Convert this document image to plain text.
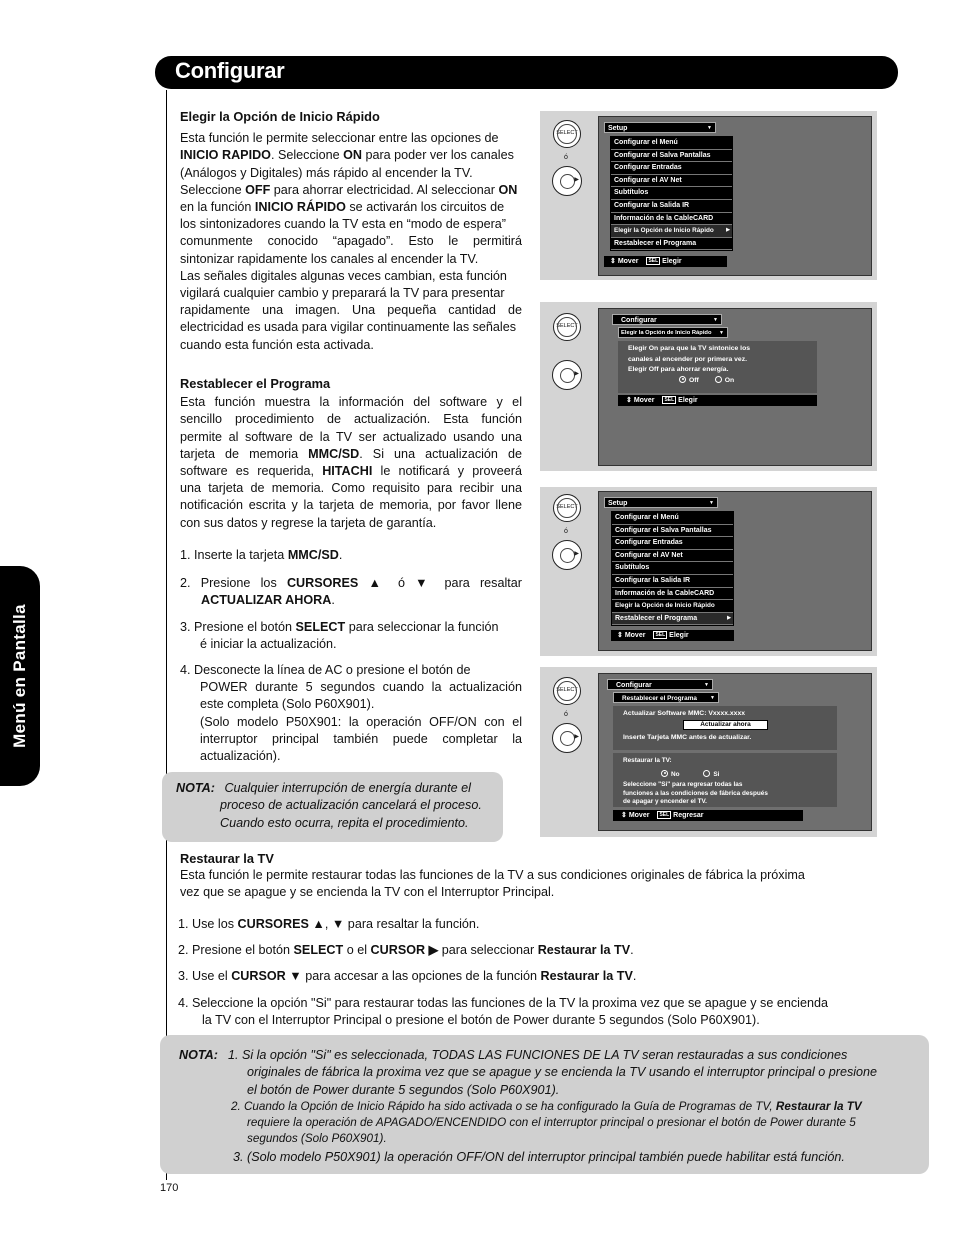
Configurar
Menú en Pantalla
Elegir la Opción de Inicio Rápido
Esta función le permite seleccionar entre las opciones de
INICIO RAPIDO. Seleccione ON para poder ver los canales
(Análogos y Digitales) más rápido al encender la TV.
Seleccione OFF para ahorrar electricidad. Al seleccionar ON
en la función INICIO RÁPIDO se activarán los circuitos de
los sintonizadores cuando la TV esta en “modo de espera”
comunmente conocido “apagado”. Esto le permitirá
sintonizar rapidamente los canales al encender la TV.
Las señales digitales algunas veces cambian, esta función
vigilará cualquier cambio y preparará la TV para presentar
rapidamente una imagen. Una pequeña cantidad de
electricidad es usada para vigilar continuamente las señales
cuando esta función esta activada.
Restablecer el Programa
Esta función muestra la información del software y el
sencillo procedimiento de actualización. Esta función
permite al software de la TV ser actualizado usando una
tarjeta de memoria MMC/SD. Si una actualización de
software es requerida, HITACHI le notificará y proveerá
una tarjeta de memoria. Como requisito para recibir una
notificación escrita y la tarjeta de memoria, por favor llene
con sus datos y regrese la tarjeta de garantía.
1. Inserte la tarjeta MMC/SD.
2. Presione los CURSORES ▲ ó ▼ para resaltar
ACTUALIZAR AHORA.
3. Presione el botón SELECT para seleccionar la función
é iniciar la actualización.
4. Desconecte la línea de AC o presione el botón de
POWER durante 5 segundos cuando la actualización
este completa (Solo P60X901).
(Solo modelo P50X901: la operación OFF/ON con el
interruptor principal también puede completar la
actualización).
NOTA: Cualquier interrupción de energía durante el
proceso de actualización cancelará el proceso.
Cuando esto ocurra, repita el procedimiento.
Restaurar la TV
Esta función le permite restaurar todas las funciones de la TV a sus condiciones originales de fábrica la próxima
vez que se apague y se encienda la TV con el Interruptor Principal.
1. Use los CURSORES ▲, ▼ para resaltar la función.
2. Presione el botón SELECT o el CURSOR ▶ para seleccionar Restaurar la TV.
3. Use el CURSOR ▼ para accesar a las opciones de la función Restaurar la TV.
4. Seleccione la opción "Si" para restaurar todas las funciones de la TV la proxima vez que se apague y se encienda
la TV con el Interruptor Principal o presione el botón de Power durante 5 segundos (Solo P60X901).
NOTA: 1. Si la opción "Si" es seleccionada, TODAS LAS FUNCIONES DE LA TV seran restauradas a sus condiciones
originales de fábrica la proxima vez que se apague y se encienda la TV usando el interruptor principal o presione
el botón de Power durante 5 segundos (Solo P60X901).
2. Cuando la Opción de Inicio Rápido ha sido activada o se ha configurado la Guía de Programas de TV, Restaurar la TV
requiere la operación de APAGADO/ENCENDIDO con el interruptor principal o presionar el botón de Power durante 5
segundos (Solo P60X901).
3. (Solo modelo P50X901) la operación OFF/ON del interruptor principal también puede habilitar está función.
170
SELECT
ó
▶
Setup ▼
Configurar el Menú
Configurar el Salva Pantallas
Configurar Entradas
Configurar el AV Net
Subtítulos
Configurar la Salida IR
Información de la CableCARD
Elegir la Opción de Inicio Rápido ▶
Restablecer el Programa
⇕ Mover SEL Elegir
SELECT
▶
Configurar ▼
Elegir la Opción de Inicio Rápido ▼
Elegir On para que la TV sintonice los
canales al encender por primera vez.
Elegir Off para ahorrar energía.
Off	On
⇕ Mover SEL Elegir
SELECT
ó
▶
Setup ▼
Configurar el Menú
Configurar el Salva Pantallas
Configurar Entradas
Configurar el AV Net
Subtítulos
Configurar la Salida IR
Información de la CableCARD
Elegir la Opción de Inicio Rápido
Restablecer el Programa ▶
⇕ Mover SEL Elegir
SELECT
ó
▶
Configurar ▼
Restablecer el Programa ▼
Actualizar Software MMC: Vxxxx.xxxx
Actualizar ahora
Inserte Tarjeta MMC antes de actualizar.
Restaurar la TV:
No	Si
Seleccione "Si" para regresar todas las
funciones a las condiciones de fábrica después
de apagar y encender el TV.
⇕ Mover SEL Regresar
